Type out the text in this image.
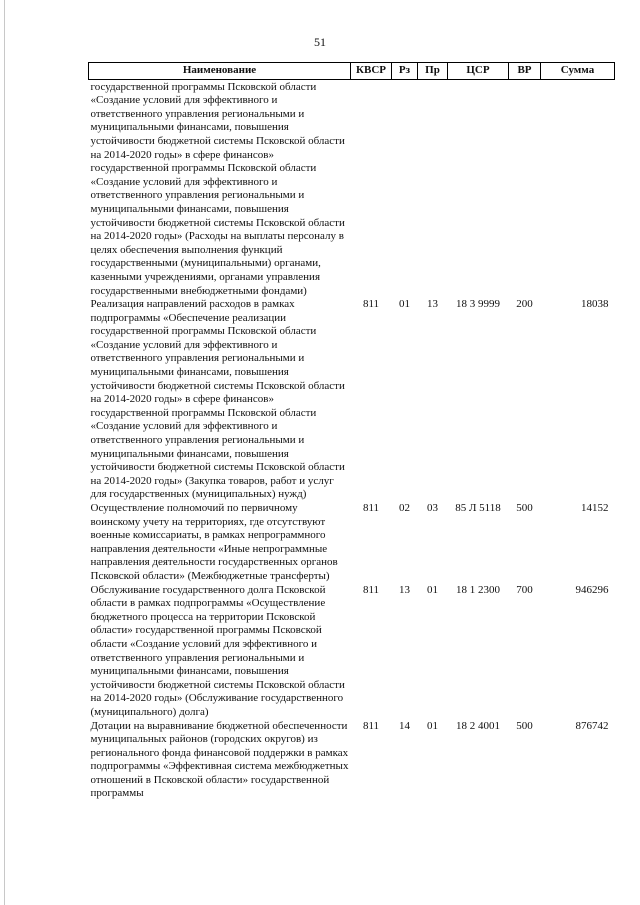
51
Наименование	КВСР	Рз	Пр	ЦСР	ВР	Сумма
государственной программы Псковской области «Создание условий для эффективного и ответственного управления региональными и муниципальными финансами, повышения устойчивости бюджетной системы Псковской области на 2014-2020 годы» в сфере финансов» государственной программы Псковской области «Создание условий для эффективного и ответственного управления региональными и муниципальными финансами, повышения устойчивости бюджетной системы Псковской области на 2014-2020 годы» (Расходы на выплаты персоналу в целях обеспечения выполнения функций государственными (муниципальными) органами, казенными учреждениями, органами управления государственными внебюджетными фондами)						
Реализация направлений расходов в рамках подпрограммы «Обеспечение реализации государственной программы Псковской области «Создание условий для эффективного и ответственного управления региональными и муниципальными финансами, повышения устойчивости бюджетной системы Псковской области на 2014-2020 годы» в сфере финансов» государственной программы Псковской области «Создание условий для эффективного и ответственного управления региональными и муниципальными финансами, повышения устойчивости бюджетной системы Псковской области на 2014-2020 годы» (Закупка товаров, работ и услуг для государственных (муниципальных) нужд)	811	01	13	18 3 9999	200	18038
Осуществление полномочий по первичному воинскому учету на территориях, где отсутствуют военные комиссариаты, в рамках непрограммного направления деятельности «Иные непрограммные направления деятельности государственных органов Псковской области» (Межбюджетные трансферты)	811	02	03	85 Л 5118	500	14152
Обслуживание государственного долга Псковской области в рамках подпрограммы «Осуществление бюджетного процесса на территории Псковской области» государственной программы Псковской области «Создание условий для эффективного и ответственного управления региональными и муниципальными финансами, повышения устойчивости бюджетной системы Псковской области на 2014-2020 годы» (Обслуживание государственного (муниципального) долга)	811	13	01	18 1 2300	700	946296
Дотации на выравнивание бюджетной обеспеченности муниципальных районов (городских округов) из регионального фонда финансовой поддержки в рамках подпрограммы «Эффективная система межбюджетных отношений в Псковской области» государственной программы	811	14	01	18 2 4001	500	876742
